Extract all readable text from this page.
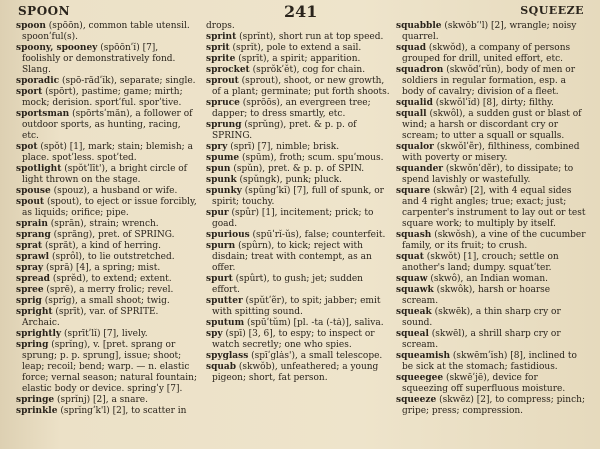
SPOON	241	SQUEEZE

spoon (spōōn), common table utensil. spoonʹful(s).

spoony, spooney (spōōnʹĭ) [7], foolishly or demonstratively fond. Slang.

sporadic (spō-rădʹĭk), separate; single.

sport (spōrt), pastime; game; mirth; mock; derision. sportʹful. sporʹtive.

sportsman (spōrtsʹmăn), a follower of outdoor sports, as hunting, racing, etc.

spot (spŏt) [1], mark; stain; blemish; a place. spotʹless. spotʹted.

spotlight (spŏtʹlīt'), a bright circle of light thrown on the stage.

spouse (spouz), a husband or wife.

spout (spout), to eject or issue forcibly, as liquids; orifice; pipe.

sprain (sprān), strain; wrench.

sprang (sprăng), pret. of SPRING.

sprat (sprăt), a kind of herring.

sprawl (sprôl), to lie outstretched.

spray (sprā) [4], a spring; mist.

spread (sprĕd), to extend; extent.

spree (sprē), a merry frolic; revel.

sprig (sprĭg), a small shoot; twig.

spright (sprīt), var. of SPRITE. Archaic.

sprightly (sprītʹlĭ) [7], lively.

spring (sprĭng), v. [pret. sprang or sprung; p. p. sprung], issue; shoot; leap; recoil; bend; warp. — n. elastic force; vernal season; natural fountain; elastic body or device. springʹy [7].

springe (sprĭnj) [2], a snare.

sprinkle (sprĭngʹk'l) [2], to scatter in

drops.

sprint (sprĭnt), short run at top speed.

sprit (sprĭt), pole to extend a sail.

sprite (sprīt), a spirit; apparition.

sprocket (sprŏkʹĕt), cog for chain.

sprout (sprout), shoot, or new growth, of a plant; germinate; put forth shoots.

spruce (sprōōs), an evergreen tree; dapper; to dress smartly, etc.

sprung (sprŭng), pret. & p. p. of SPRING.

spry (sprī) [7], nimble; brisk.

spume (spūm), froth; scum. spuʹmous.

spun (spŭn), pret. & p. p. of SPIN.

spunk (spŭngk), punk; pluck.

spunky (spŭngʹkĭ) [7], full of spunk, or spirit; touchy.

spur (spûr) [1], incitement; prick; to goad.

spurious (spūʹrĭ-ŭs), false; counterfeit.

spurn (spûrn), to kick; reject with disdain; treat with contempt, as an offer.

spurt (spûrt), to gush; jet; sudden effort.

sputter (spŭtʹẽr), to spit; jabber; emit with spitting sound.

sputum (spūʹtŭm) [pl. -ta (-tȧ)], saliva.

spy (spī) [3, 6], to espy; to inspect or watch secretly; one who spies.

spyglass (spīʹglȧs'), a small telescope.

squab (skwŏb), unfeathered; a young pigeon; short, fat person.

squabble (skwŏbʹ'l) [2], wrangle; noisy quarrel.

squad (skwŏd), a company of persons grouped for drill, united effort, etc.

squadron (skwŏdʹrŭn), body of men or soldiers in regular formation, esp. a body of cavalry; division of a fleet.

squalid (skwŏlʹĭd) [8], dirty; filthy.

squall (skwôl), a sudden gust or blast of wind; a harsh or discordant cry or scream; to utter a squall or squalls.

squalor (skwŏlʹẽr), filthiness, combined with poverty or misery.

squander (skwŏnʹdẽr), to dissipate; to spend lavishly or wastefully.

square (skwâr) [2], with 4 equal sides and 4 right angles; true; exact; just; carpenter's instrument to lay out or test square work; to multiply by itself.

squash (skwŏsh), a vine of the cucumber family, or its fruit; to crush.

squat (skwŏt) [1], crouch; settle on another's land; dumpy. squatʹter.

squaw (skwô), an Indian woman.

squawk (skwôk), harsh or hoarse scream.

squeak (skwēk), a thin sharp cry or sound.

squeal (skwēl), a shrill sharp cry or scream.

squeamish (skwēmʹĭsh) [8], inclined to be sick at the stomach; fastidious.

squeegee (skwēʹjē), device for squeezing off superfluous moisture.

squeeze (skwēz) [2], to compress; pinch; gripe; press; compression.
